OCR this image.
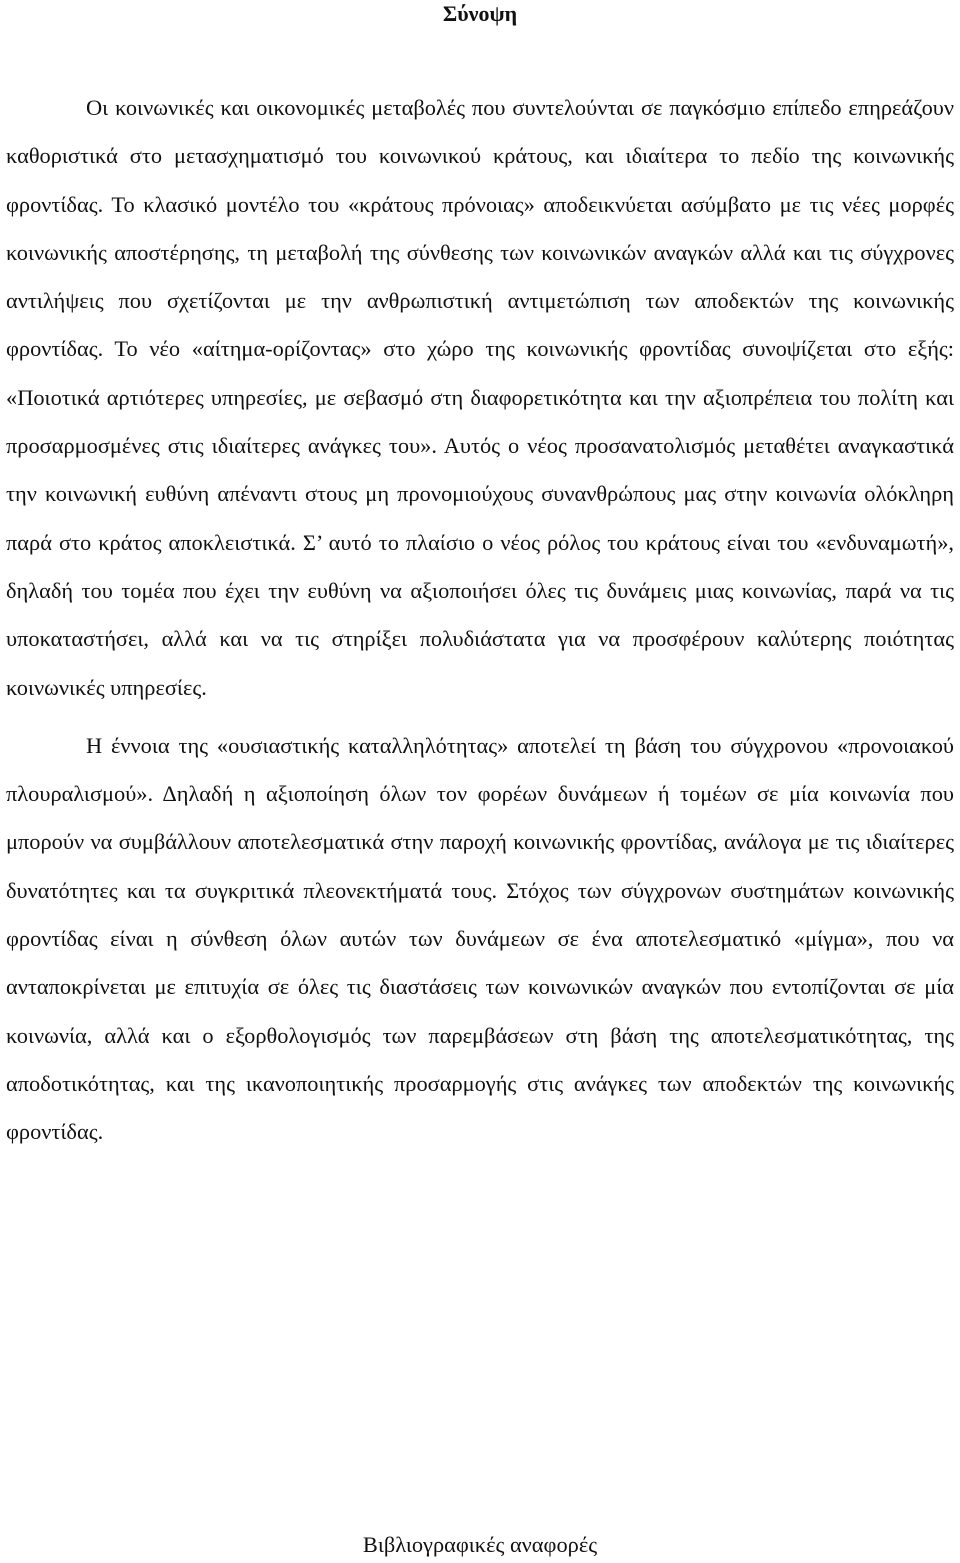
Σύνοψη

Οι κοινωνικές και οικονομικές μεταβολές που συντελούνται σε παγκόσμιο επίπεδο επηρεάζουν καθοριστικά στο μετασχηματισμό του κοινωνικού κράτους, και ιδιαίτερα το πεδίο της κοινωνικής φροντίδας. Το κλασικό μοντέλο του «κράτους πρόνοιας» αποδεικνύεται ασύμβατο με τις νέες μορφές κοινωνικής αποστέρησης, τη μεταβολή της σύνθεσης των κοινωνικών αναγκών αλλά και τις σύγχρονες αντιλήψεις που σχετίζονται με την ανθρωπιστική αντιμετώπιση των αποδεκτών της κοινωνικής φροντίδας. Το νέο «αίτημα-ορίζοντας» στο χώρο της κοινωνικής φροντίδας συνοψίζεται στο εξής: «Ποιοτικά αρτιότερες υπηρεσίες, με σεβασμό στη διαφορετικότητα και την αξιοπρέπεια του πολίτη και προσαρμοσμένες στις ιδιαίτερες ανάγκες του». Αυτός ο νέος προσανατολισμός μεταθέτει αναγκαστικά την κοινωνική ευθύνη απέναντι στους μη προνομιούχους συνανθρώπους μας στην κοινωνία ολόκληρη παρά στο κράτος αποκλειστικά. Σ’ αυτό το πλαίσιο ο νέος ρόλος του κράτους είναι του «ενδυναμωτή», δηλαδή του τομέα που έχει την ευθύνη να αξιοποιήσει όλες τις δυνάμεις μιας κοινωνίας, παρά να τις υποκαταστήσει, αλλά και να τις στηρίξει πολυδιάστατα για να προσφέρουν καλύτερης ποιότητας κοινωνικές υπηρεσίες.

Η έννοια της «ουσιαστικής καταλληλότητας» αποτελεί τη βάση του σύγχρονου «προνοιακού πλουραλισμού». Δηλαδή η αξιοποίηση όλων τον φορέων δυνάμεων ή τομέων σε μία κοινωνία που μπορούν να συμβάλλουν αποτελεσματικά στην παροχή κοινωνικής φροντίδας, ανάλογα με τις ιδιαίτερες δυνατότητες και τα συγκριτικά πλεονεκτήματά τους. Στόχος των σύγχρονων συστημάτων κοινωνικής φροντίδας είναι η σύνθεση όλων αυτών των δυνάμεων σε ένα αποτελεσματικό «μίγμα», που να ανταποκρίνεται με επιτυχία σε όλες τις διαστάσεις των κοινωνικών αναγκών που εντοπίζονται σε μία κοινωνία, αλλά και ο εξορθολογισμός των παρεμβάσεων στη βάση της αποτελεσματικότητας, της αποδοτικότητας, και της ικανοποιητικής προσαρμογής στις ανάγκες των αποδεκτών της κοινωνικής φροντίδας.

Βιβλιογραφικές αναφορές
